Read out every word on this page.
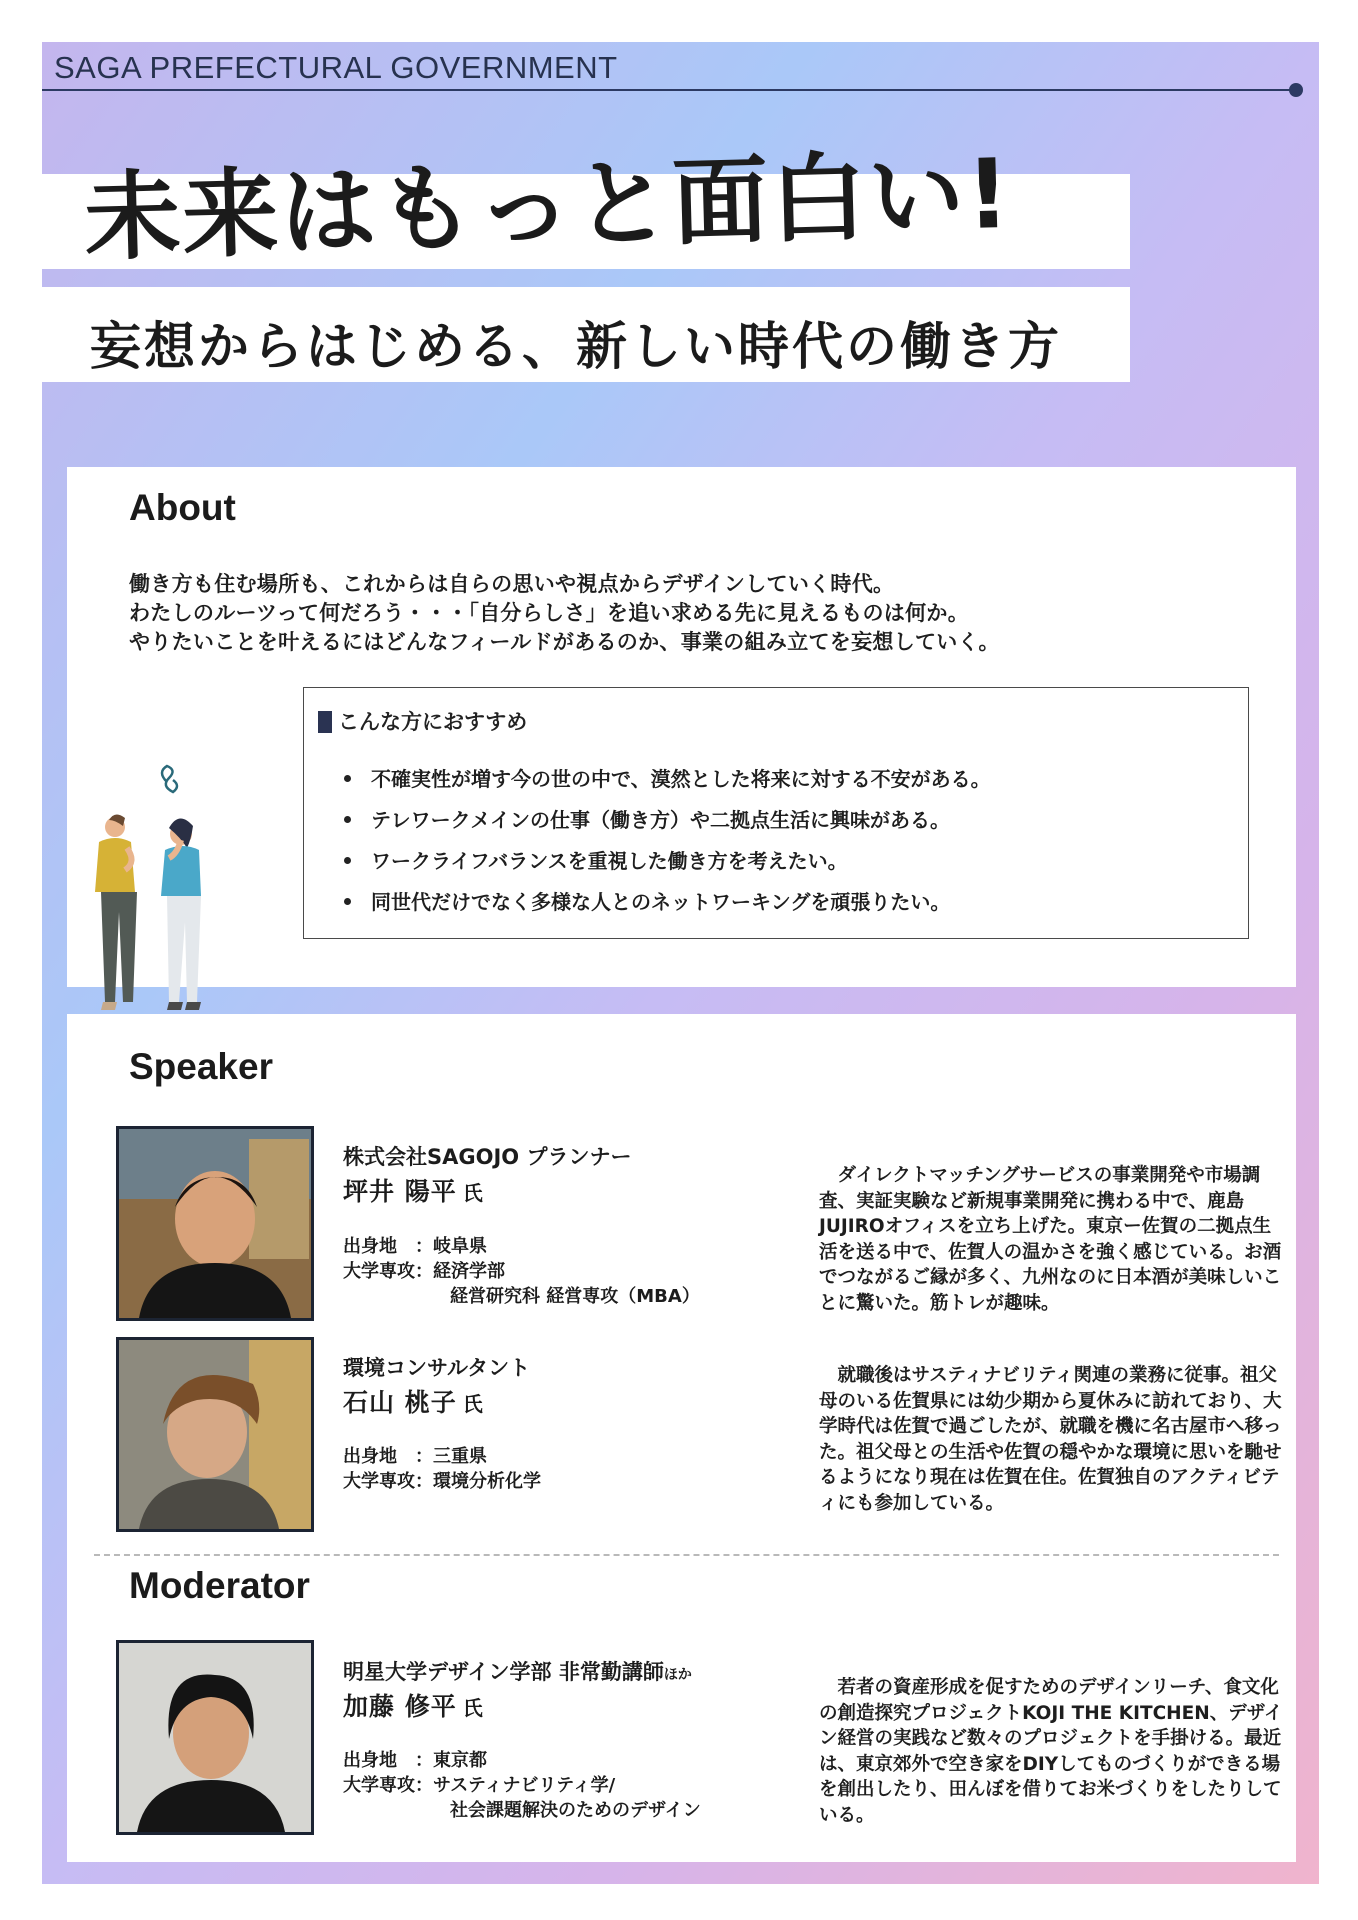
SAGA PREFECTURAL GOVERNMENT
未来はもっと面白い!
妄想からはじめる、新しい時代の働き方
About
働き方も住む場所も、これからは自らの思いや視点からデザインしていく時代。
わたしのルーツって何だろう・・・「自分らしさ」を追い求める先に見えるものは何か。
やりたいことを叶えるにはどんなフィールドがあるのか、事業の組み立てを妄想していく。
こんな方におすすめ
不確実性が増す今の世の中で、漠然とした将来に対する不安がある。
テレワークメインの仕事（働き方）や二拠点生活に興味がある。
ワークライフバランスを重視した働き方を考えたい。
同世代だけでなく多様な人とのネットワーキングを頑張りたい。
Speaker
株式会社SAGOJO プランナー
坪井 陽平 氏
出身地　：岐阜県
大学専攻：経済学部
経営研究科 経営専攻（MBA）
　ダイレクトマッチングサービスの事業開発や市場調査、実証実験など新規事業開発に携わる中で、鹿島JUJIROオフィスを立ち上げた。東京ー佐賀の二拠点生活を送る中で、佐賀人の温かさを強く感じている。お酒でつながるご縁が多く、九州なのに日本酒が美味しいことに驚いた。筋トレが趣味。
環境コンサルタント
石山 桃子 氏
出身地　：三重県
大学専攻：環境分析化学
　就職後はサスティナビリティ関連の業務に従事。祖父母のいる佐賀県には幼少期から夏休みに訪れており、大学時代は佐賀で過ごしたが、就職を機に名古屋市へ移った。祖父母との生活や佐賀の穏やかな環境に思いを馳せるようになり現在は佐賀在住。佐賀独自のアクティビティにも参加している。
Moderator
明星大学デザイン学部 非常勤講師ほか
加藤 修平 氏
出身地　：東京都
大学専攻：サスティナビリティ学/
社会課題解決のためのデザイン
　若者の資産形成を促すためのデザインリーチ、食文化の創造探究プロジェクトKOJI THE KITCHEN、デザイン経営の実践など数々のプロジェクトを手掛ける。最近は、東京郊外で空き家をDIYしてものづくりができる場を創出したり、田んぼを借りてお米づくりをしたりしている。
